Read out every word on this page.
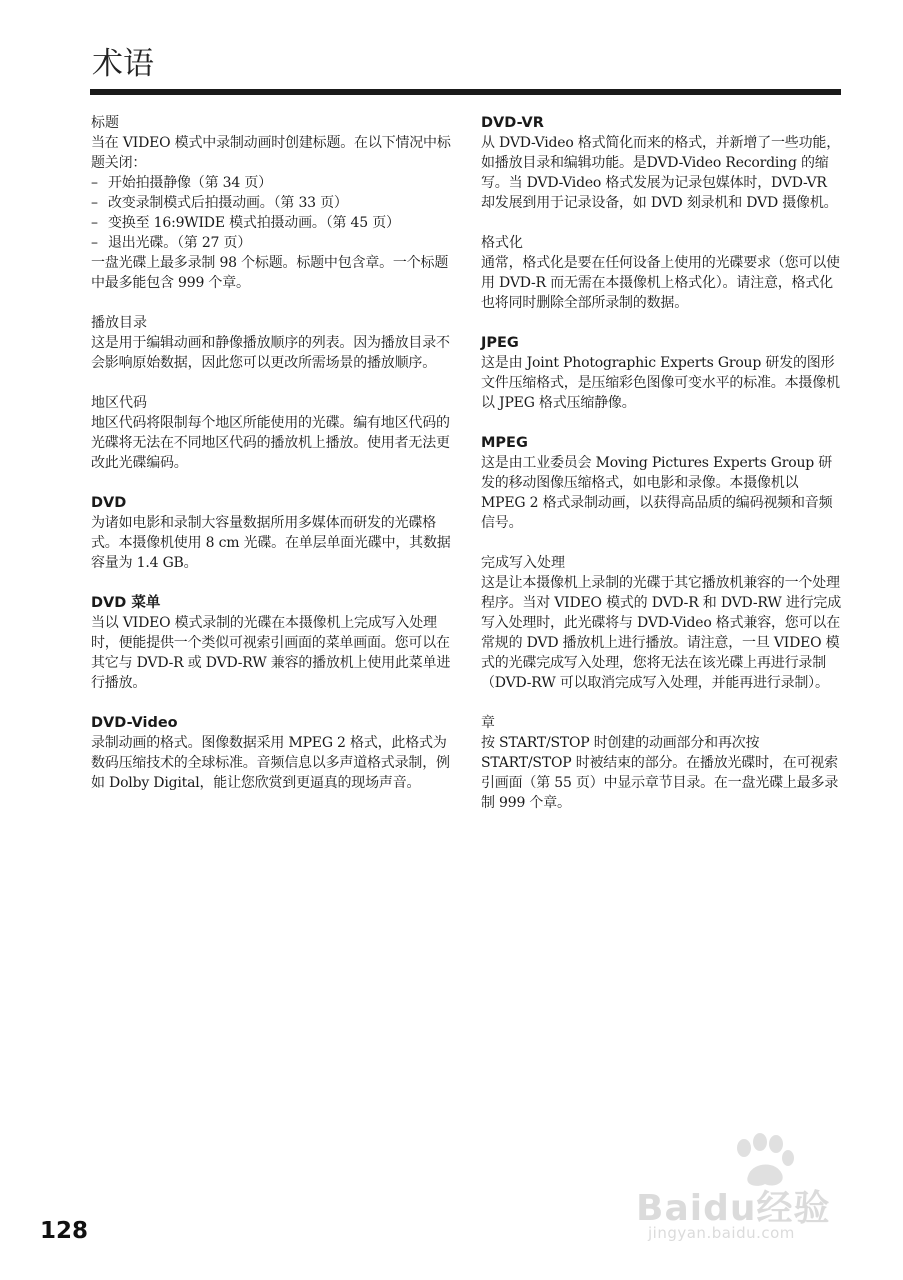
术语
标题

当在 VIDEO 模式中录制动画时创建标题。在以下情况中标题关闭：

– 开始拍摄静像（第 34 页）
– 改变录制模式后拍摄动画。（第 33 页）
– 变换至 16:9WIDE 模式拍摄动画。（第 45 页）
– 退出光碟。（第 27 页）

一盘光碟上最多录制 98 个标题。标题中包含章。一个标题中最多能包含 999 个章。

播放目录

这是用于编辑动画和静像播放顺序的列表。因为播放目录不会影响原始数据，因此您可以更改所需场景的播放顺序。

地区代码

地区代码将限制每个地区所能使用的光碟。编有地区代码的光碟将无法在不同地区代码的播放机上播放。使用者无法更改此光碟编码。

DVD

为诸如电影和录制大容量数据所用多媒体而研发的光碟格式。本摄像机使用 8 cm 光碟。在单层单面光碟中，其数据容量为 1.4 GB。

DVD 菜单

当以 VIDEO 模式录制的光碟在本摄像机上完成写入处理时，便能提供一个类似可视索引画面的菜单画面。您可以在其它与 DVD-R 或 DVD-RW 兼容的播放机上使用此菜单进行播放。

DVD-Video

录制动画的格式。图像数据采用 MPEG 2 格式，此格式为数码压缩技术的全球标准。音频信息以多声道格式录制，例如 Dolby Digital，能让您欣赏到更逼真的现场声音。

DVD-VR

从 DVD-Video 格式简化而来的格式，并新增了一些功能，如播放目录和编辑功能。是DVD-Video Recording 的缩写。当 DVD-Video 格式发展为记录包媒体时，DVD-VR 却发展到用于记录设备，如 DVD 刻录机和 DVD 摄像机。

格式化

通常，格式化是要在任何设备上使用的光碟要求（您可以使用 DVD-R 而无需在本摄像机上格式化）。请注意，格式化也将同时删除全部所录制的数据。

JPEG

这是由 Joint Photographic Experts Group 研发的图形文件压缩格式，是压缩彩色图像可变水平的标准。本摄像机以 JPEG 格式压缩静像。

MPEG

这是由工业委员会 Moving Pictures Experts Group 研发的移动图像压缩格式，如电影和录像。本摄像机以 MPEG 2 格式录制动画，以获得高品质的编码视频和音频信号。

完成写入处理

这是让本摄像机上录制的光碟于其它播放机兼容的一个处理程序。当对 VIDEO 模式的 DVD-R 和 DVD-RW 进行完成写入处理时，此光碟将与 DVD-Video 格式兼容，您可以在常规的 DVD 播放机上进行播放。请注意，一旦 VIDEO 模式的光碟完成写入处理，您将无法在该光碟上再进行录制（DVD-RW 可以取消完成写入处理，并能再进行录制）。

章

按 START/STOP 时创建的动画部分和再次按 START/STOP 时被结束的部分。在播放光碟时，在可视索引画面（第 55 页）中显示章节目录。在一盘光碟上最多录制 999 个章。

128
Baidu经验
jingyan.baidu.com
